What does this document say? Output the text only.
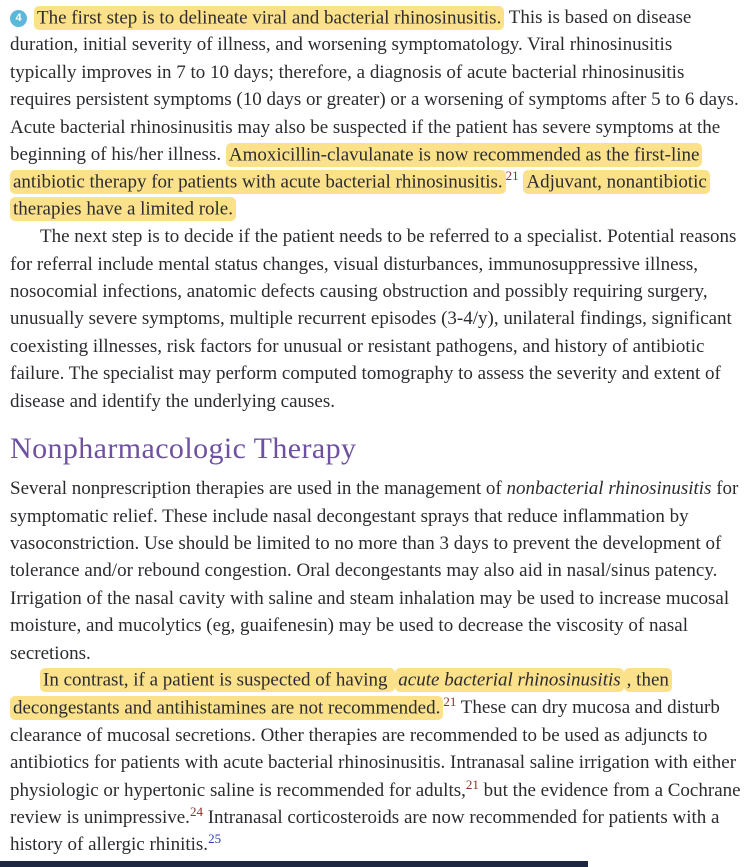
4 The first step is to delineate viral and bacterial rhinosinusitis. This is based on disease duration, initial severity of illness, and worsening symptomatology. Viral rhinosinusitis typically improves in 7 to 10 days; therefore, a diagnosis of acute bacterial rhinosinusitis requires persistent symptoms (10 days or greater) or a worsening of symptoms after 5 to 6 days. Acute bacterial rhinosinusitis may also be suspected if the patient has severe symptoms at the beginning of his/her illness. Amoxicillin-clavulanate is now recommended as the first-line antibiotic therapy for patients with acute bacterial rhinosinusitis. $^{21}$ Adjuvant, nonantibiotic therapies have a limited role.

The next step is to decide if the patient needs to be referred to a specialist. Potential reasons for referral include mental status changes, visual disturbances, immunosuppressive illness, nosocomial infections, anatomic defects causing obstruction and possibly requiring surgery, unusually severe symptoms, multiple recurrent episodes (3-4/y), unilateral findings, significant coexisting illnesses, risk factors for unusual or resistant pathogens, and history of antibiotic failure. The specialist may perform computed tomography to assess the severity and extent of disease and identify the underlying causes.

Nonpharmacologic Therapy

Several nonprescription therapies are used in the management of nonbacterial rhinosinusitis for symptomatic relief. These include nasal decongestant sprays that reduce inflammation by vasoconstriction. Use should be limited to no more than 3 days to prevent the development of tolerance and/or rebound congestion. Oral decongestants may also aid in nasal/sinus patency. Irrigation of the nasal cavity with saline and steam inhalation may be used to increase mucosal moisture, and mucolytics (eg, guaifenesin) may be used to decrease the viscosity of nasal secretions.

In contrast, if a patient is suspected of having acute bacterial rhinosinusitis , then decongestants and antihistamines are not recommended. $^{21}$ These can dry mucosa and disturb clearance of mucosal secretions. Other therapies are recommended to be used as adjuncts to antibiotics for patients with acute bacterial rhinosinusitis. Intranasal saline irrigation with either physiologic or hypertonic saline is recommended for adults,$^{21}$ but the evidence from a Cochrane review is unimpressive.$^{24}$ Intranasal corticosteroids are now recommended for patients with a history of allergic rhinitis.$^{25}$
